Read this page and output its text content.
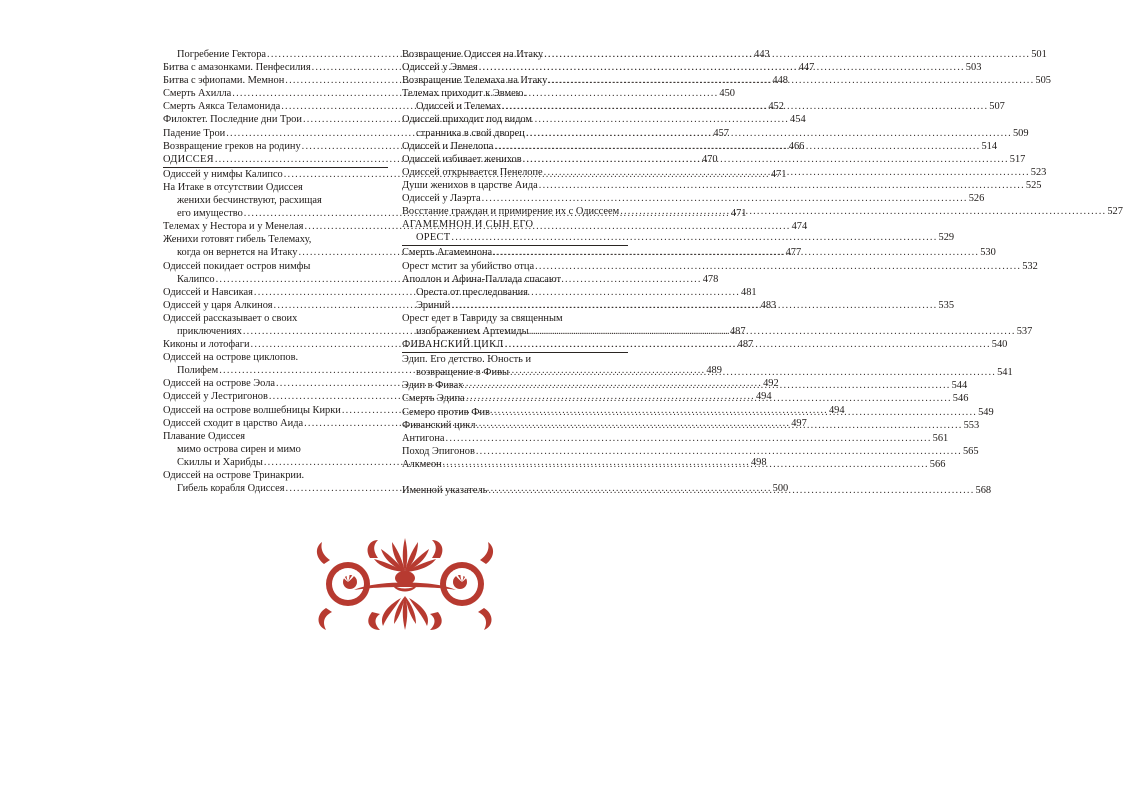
Погребение Гектора .....	443
Битва с амазонками. Пенфесилия .....	447
Битва с эфиопами. Мемнон .....	448
Смерть Ахилла .....	450
Смерть Аякса Теламонида .....	452
Филоктет. Последние дни Трои .....	454
Падение Трои .....	457
Возвращение греков на родину .....	466
ОДИССЕЯ .....	470
Одиссей у нимфы Калипсо .....	471
На Итаке в отсутствии Одиссея
женихи бесчинствуют, расхищая
его имущество .....	471
Телемах у Нестора и у Менелая .....	474
Женихи готовят гибель Телемаху,
когда он вернется на Итаку .....	477
Одиссей покидает остров нимфы
Калипсо .....	478
Одиссей и Навсикая .....	481
Одиссей у царя Алкиноя .....	483
Одиссей рассказывает о своих
приключениях .....	487
Киконы и лотофаги .....	487
Одиссей на острове циклопов.
Полифем .....	489
Одиссей на острове Эола .....	492
Одиссей у Лестригонов .....	494
Одиссей на острове волшебницы Кирки .....	494
Одиссей сходит в царство Аида .....	497
Плавание Одиссея
мимо острова сирен и мимо
Скиллы и Харибды .....	498
Одиссей на острове Тринакрии.
Гибель корабля Одиссея .....	500
Возвращение Одиссея на Итаку .....	501
Одиссей у Эвмея .....	503
Возвращение Телемаха на Итаку .....	505
Телемах приходит к Эвмею.
Одиссей и Телемах .....	507
Одиссей приходит под видом
странника в свой дворец .....	509
Одиссей и Пенелопа .....	514
Одиссей избивает женихов .....	517
Одиссей открывается Пенелопе .....	523
Души женихов в царстве Аида .....	525
Одиссей у Лаэрта .....	526
Восстание граждан и примирение их с Одиссеем .....	527
АГАМЕМНОН И СЫН ЕГО
ОРЕСТ .....	529
Смерть Агамемнона .....	530
Орест мстит за убийство отца .....	532
Аполлон и Афина-Паллада спасают
Ореста от преследования
Эриний .....	535
Орест едет в Тавриду за священным
изображением Артемиды .....	537
ФИВАНСКИЙ ЦИКЛ .....	540
Эдип. Его детство. Юность и
возвращение в Фивы .....	541
Эдип в Фивах .....	544
Смерть Эдипа .....	546
Семеро против Фив .....	549
Фиванский цикл .....	553
Антигона .....	561
Поход Эпигонов .....	565
Алкмеон .....	566
Именной указатель .....	568
